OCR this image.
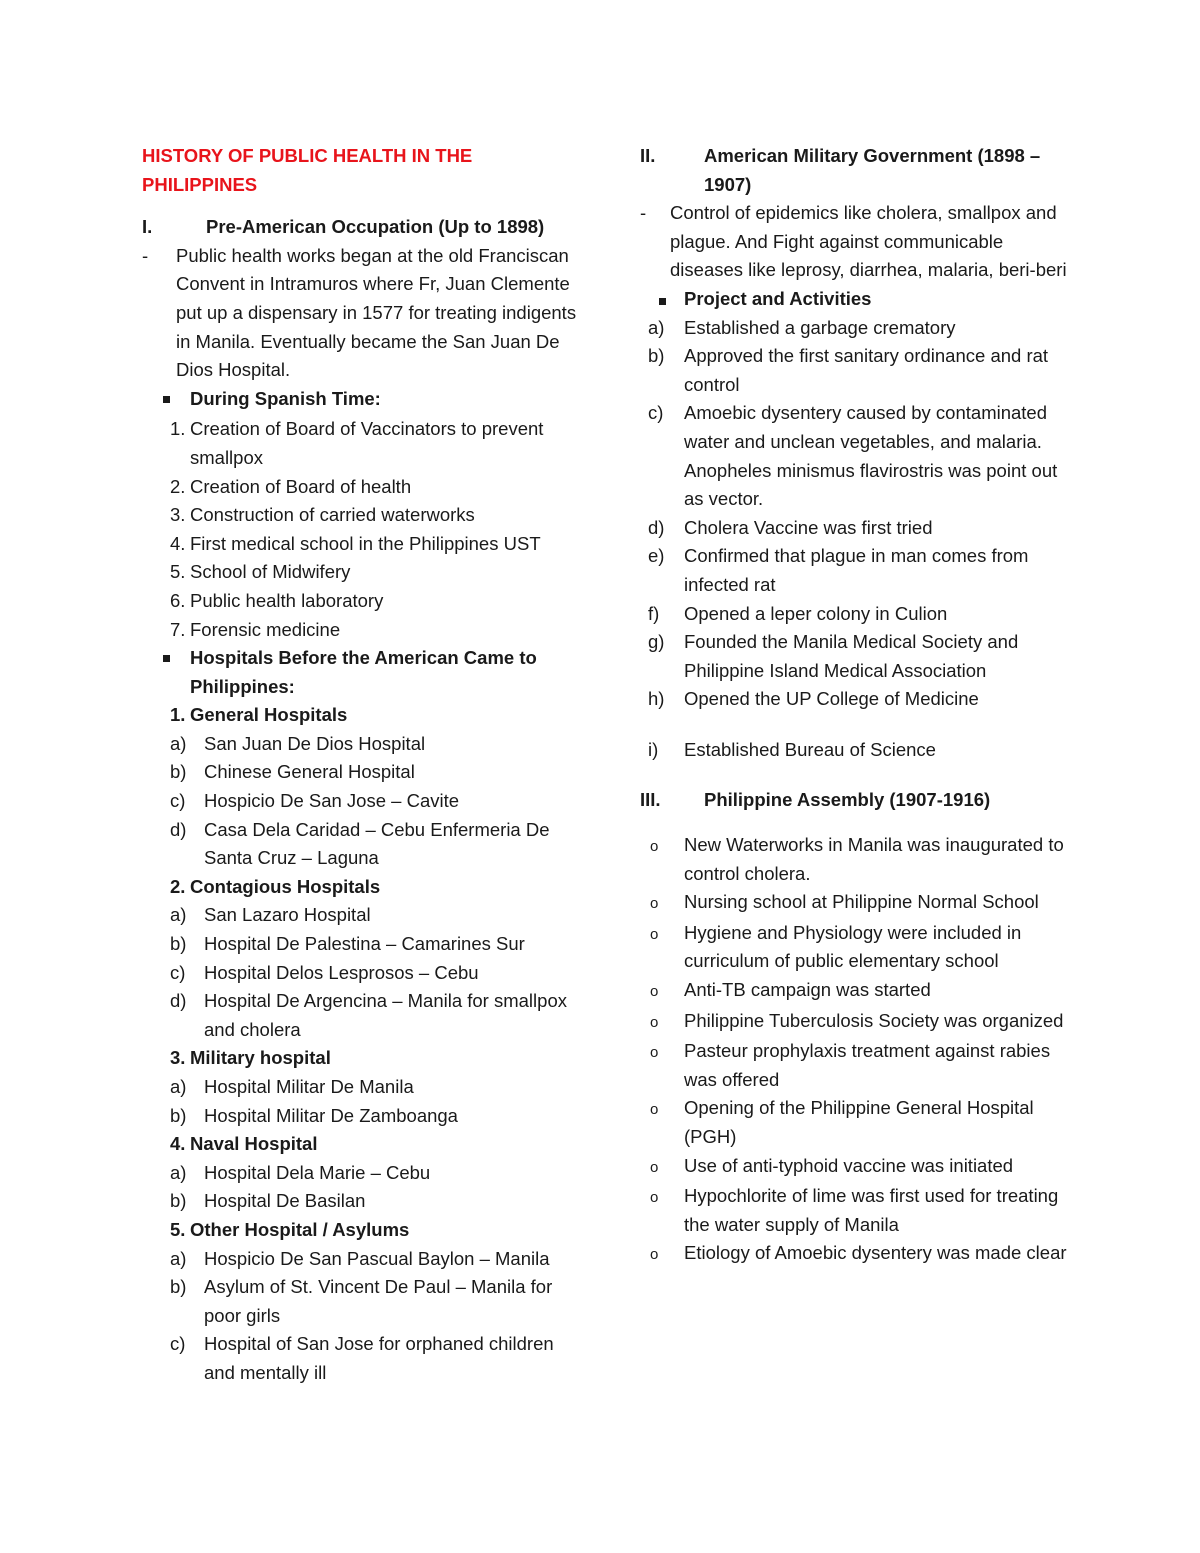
HISTORY OF PUBLIC HEALTH IN THE PHILIPPINES
I.	Pre-American Occupation (Up to 1898)
-	Public health works began at the old Franciscan Convent in Intramuros where Fr, Juan Clemente put up a dispensary in 1577 for treating indigents in Manila. Eventually became the San Juan De Dios Hospital.
During Spanish Time:
1. Creation of Board of Vaccinators to prevent smallpox
2. Creation of Board of health
3. Construction of carried waterworks
4. First medical school in the Philippines UST
5. School of Midwifery
6. Public health laboratory
7. Forensic medicine
Hospitals Before the American Came to Philippines:
1. General Hospitals
a) San Juan De Dios Hospital
b) Chinese General Hospital
c)	Hospicio De San Jose – Cavite
d) Casa Dela Caridad – Cebu Enfermeria De Santa Cruz – Laguna
2. Contagious Hospitals
a) San Lazaro Hospital
b) Hospital De Palestina – Camarines Sur
c)	Hospital Delos Lesprosos – Cebu
d) Hospital De Argencina – Manila for smallpox and cholera
3. Military hospital
a) Hospital Militar De Manila
b) Hospital Militar De Zamboanga
4. Naval Hospital
a) Hospital Dela Marie – Cebu
b) Hospital De Basilan
5. Other Hospital / Asylums
a) Hospicio De San Pascual Baylon – Manila
b) Asylum of St. Vincent De Paul – Manila for poor girls
c)	Hospital of San Jose for orphaned children and mentally ill
II.	American Military Government (1898 – 1907)
-	Control of epidemics like cholera, smallpox and plague. And Fight against communicable diseases like leprosy, diarrhea, malaria, beri-beri
Project and Activities
a)	Established a garbage crematory
b)	Approved the first sanitary ordinance and rat control
c)	Amoebic dysentery caused by contaminated water and unclean vegetables, and malaria. Anopheles minismus flavirostris was point out as vector.
d)	Cholera Vaccine was first tried
e)	Confirmed that plague in man comes from infected rat
f)	Opened a leper colony in Culion
g)	Founded the Manila Medical Society and Philippine Island Medical Association
h)	Opened the UP College of Medicine
i)	Established Bureau of Science
III.	Philippine Assembly (1907-1916)
o	New Waterworks in Manila was inaugurated to control cholera.
o	Nursing school at Philippine Normal School
o	Hygiene and Physiology were included in curriculum of public elementary school
o	Anti-TB campaign was started
o	Philippine Tuberculosis Society was organized
o	Pasteur prophylaxis treatment against rabies was offered
o	Opening of the Philippine General Hospital (PGH)
o	Use of anti-typhoid vaccine was initiated
o	Hypochlorite of lime was first used for treating the water supply of Manila
o	Etiology of Amoebic dysentery was made clear
